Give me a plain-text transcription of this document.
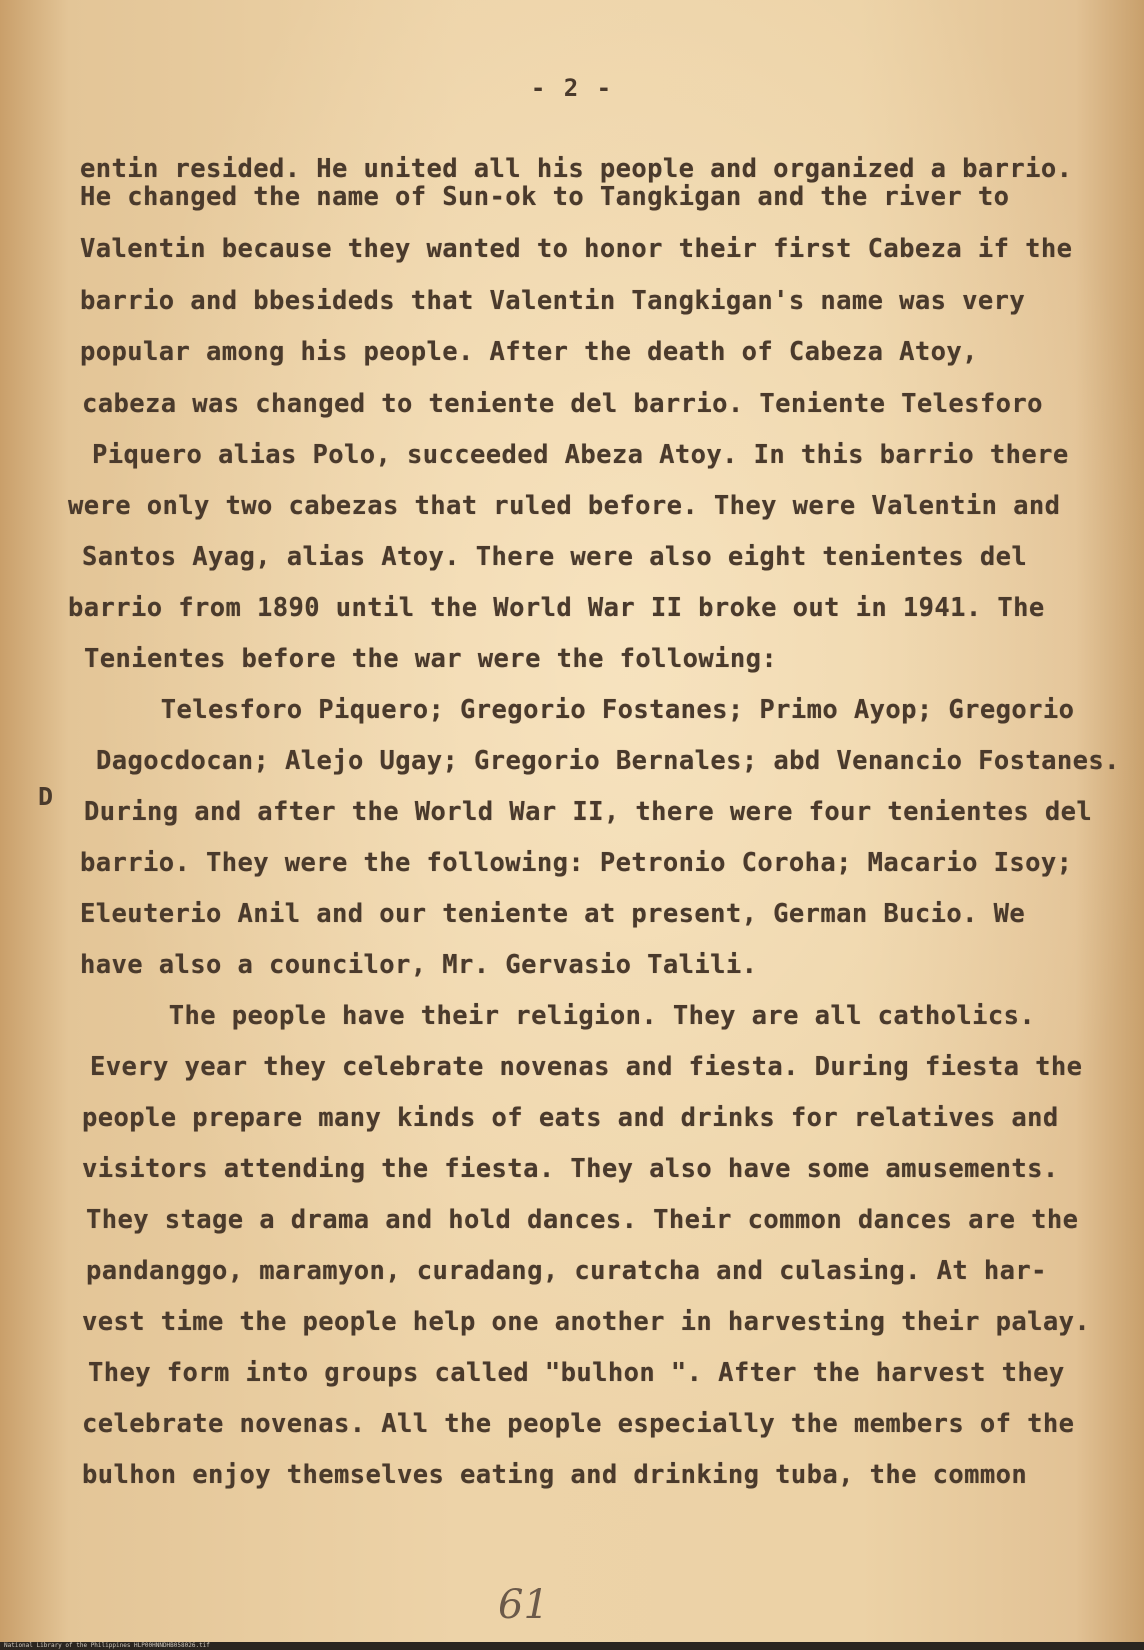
- 2 -
D
entin resided. He united all his people and organized a barrio.
He changed the name of Sun-ok to Tangkigan and the river to
Valentin because they wanted to honor their first Cabeza if the
barrio and bbesideds that Valentin Tangkigan's name was very
popular among his people. After the death of Cabeza Atoy,
cabeza was changed to teniente del barrio. Teniente Telesforo
Piquero alias Polo, succeeded Abeza Atoy. In this barrio there
were only two cabezas that ruled before. They were Valentin and
Santos Ayag, alias Atoy. There were also eight tenientes del
barrio from 1890 until the World War II broke out in 1941. The
Tenientes before the war were the following:
Telesforo Piquero; Gregorio Fostanes; Primo Ayop; Gregorio
Dagocdocan; Alejo Ugay; Gregorio Bernales; abd Venancio Fostanes.
During and after the World War II, there were four tenientes del
barrio. They were the following: Petronio Coroha; Macario Isoy;
Eleuterio Anil and our teniente at present, German Bucio. We
have also a councilor, Mr. Gervasio Talili.
The people have their religion. They are all catholics.
Every year they celebrate novenas and fiesta. During fiesta the
people prepare many kinds of eats and drinks for relatives and
visitors attending the fiesta. They also have some amusements.
They stage a drama and hold dances. Their common dances are the
pandanggo, maramyon, curadang, curatcha and culasing. At har-
vest time the people help one another in harvesting their palay.
They form into groups called "bulhon ". After the harvest they
celebrate novenas. All the people especially the members of the
bulhon enjoy themselves eating and drinking tuba, the common
61
National Library of the Philippines HLP00HNNDHB058026.tif
